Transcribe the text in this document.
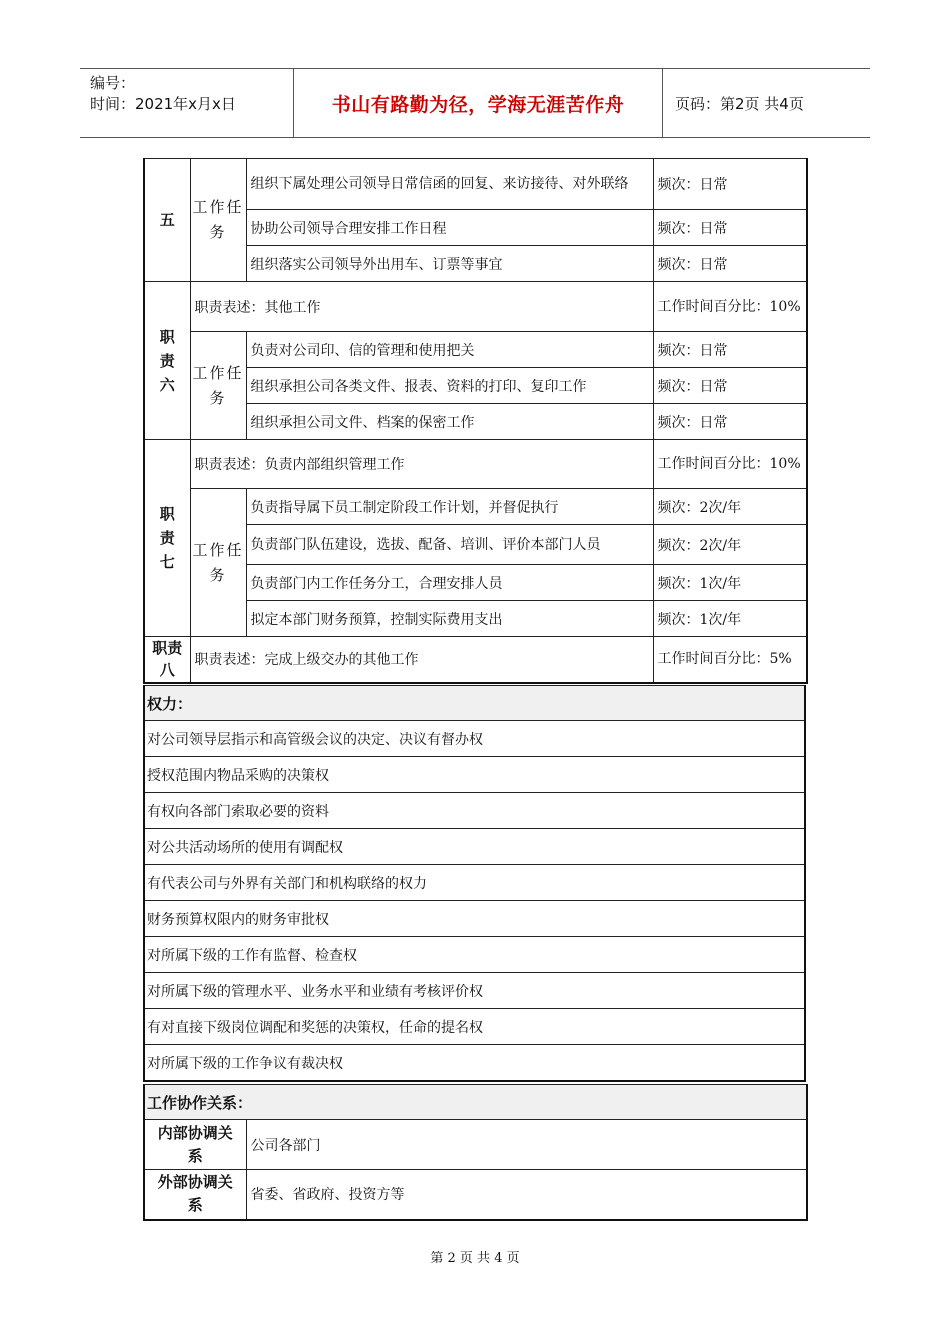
编号：
时间：2021年x月x日	书山有路勤为径，学海无涯苦作舟	页码：第2页 共4页
五	工作任务	组织下属处理公司领导日常信函的回复、来访接待、对外联络	频次：日常
		协助公司领导合理安排工作日程	频次：日常
		组织落实公司领导外出用车、订票等事宜	频次：日常

职责六	职责表述：其他工作		工作时间百分比：10%
	工作任务	负责对公司印、信的管理和使用把关	频次：日常
		组织承担公司各类文件、报表、资料的打印、复印工作	频次：日常
		组织承担公司文件、档案的保密工作	频次：日常

职责七	职责表述：负责内部组织管理工作		工作时间百分比：10%
	工作任务	负责指导属下员工制定阶段工作计划，并督促执行	频次：2次/年
		负责部门队伍建设，选拔、配备、培训、评价本部门人员	频次：2次/年
		负责部门内工作任务分工，合理安排人员	频次：1次/年
		拟定本部门财务预算，控制实际费用支出	频次：1次/年

职责八	职责表述：完成上级交办的其他工作		工作时间百分比：5%
权力：
对公司领导层指示和高管级会议的决定、决议有督办权
授权范围内物品采购的决策权
有权向各部门索取必要的资料
对公共活动场所的使用有调配权
有代表公司与外界有关部门和机构联络的权力
财务预算权限内的财务审批权
对所属下级的工作有监督、检查权
对所属下级的管理水平、业务水平和业绩有考核评价权
有对直接下级岗位调配和奖惩的决策权，任命的提名权
对所属下级的工作争议有裁决权
工作协作关系：	

内部协调关系	公司各部门

外部协调关系	省委、省政府、投资方等
第 2 页 共 4 页
